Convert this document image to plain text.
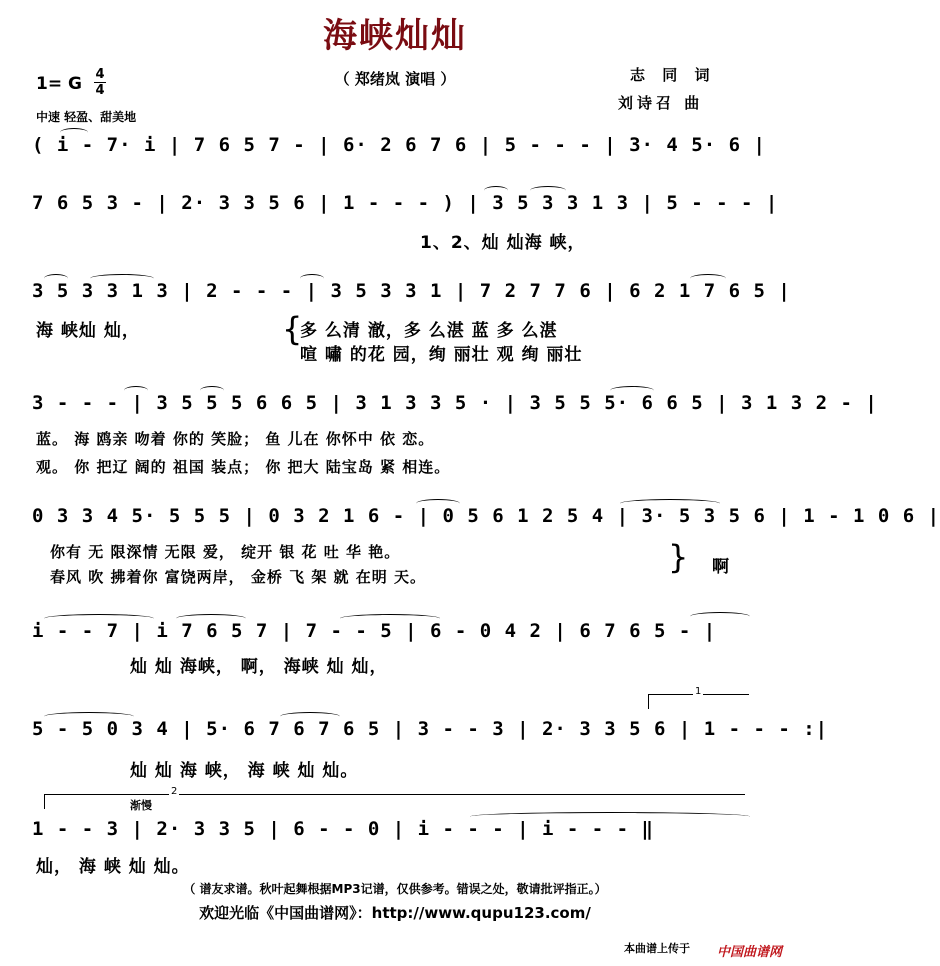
海峡灿灿
（ 郑绪岚 演唱 ）
1= G 4
4
中速 轻盈、甜美地
志 同 词
刘诗召 曲
( i - 7· i | 7 6 5 7 - | 6· 2 6 7 6 | 5 - - - | 3· 4 5· 6 |
7 6 5 3 - | 2· 3 3 5 6 | 1 - - - ) | 3 5 3 3 1 3 | 5 - - - |
1、2、灿 灿海 峡，
3 5 3 3 1 3 | 2 - - - | 3 5 3 3 1 | 7 2 7 7 6 | 6 2 1 7 6 5 |
海 峡灿 灿，	{
多 么清 澈，多 么湛 蓝 多 么湛
喧 嘯 的花 园，绚 丽壮 观 绚 丽壮
3 - - - | 3 5 5 5 6 6 5 | 3 1 3 3 5 · | 3 5 5 5· 6 6 5 | 3 1 3 2 - |
蓝。 海 鸥亲 吻着 你的 笑脸； 鱼 儿在 你怀中 依 恋。
观。 你 把辽 阔的 祖国 装点； 你 把大 陆宝岛 紧 相连。
0 3 3 4 5· 5 5 5 | 0 3 2 1 6 - | 0 5 6 1 2 5 4 | 3· 5 3 5 6 | 1 - 1 0 6 |
你有 无 限深情 无限 爱， 绽开 银 花 吐 华 艳。
春风 吹 拂着你 富饶两岸， 金桥 飞 架 就 在明 天。
} 啊
i - - 7 | i 7 6 5 7 | 7 - - 5 | 6 - 0 4 2 | 6 7 6 5 - |
灿 灿 海峡， 啊， 海峡 灿 灿，
1
5 - 5 0 3 4 | 5· 6 7 6 7 6 5 | 3 - - 3 | 2· 3 3 5 6 | 1 - - - :|
灿 灿 海 峡， 海 峡 灿 灿。
2
渐慢
1 - - 3 | 2· 3 3 5 | 6 - - 0 | i - - - | i - - - ‖
灿， 海 峡 灿 灿。
（ 谱友求谱。秋叶起舞根据MP3记谱，仅供参考。错误之处，敬请批评指正。）
欢迎光临《中国曲谱网》：http://www.qupu123.com/
本曲谱上传于 中国曲谱网
